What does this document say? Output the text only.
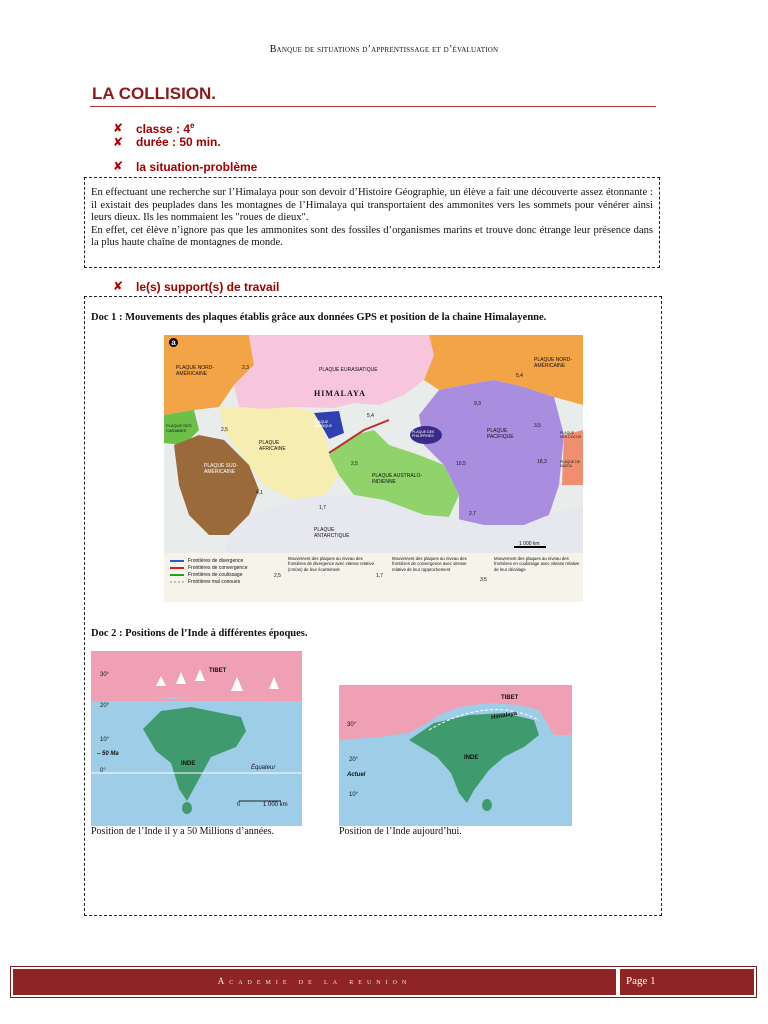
Banque de situations d’apprentissage et d’évaluation
LA COLLISION.
✘ classe : 4e
✘ durée : 50 min.
✘ la situation-problème
En effectuant une recherche sur l’Himalaya pour son devoir d’Histoire Géographie, un élève a fait une découverte assez étonnante : il existait des peuplades dans les montagnes de l’Himalaya qui transportaient des ammonites vers les sommets pour vénérer ainsi leurs dieux. Ils les nommaient les "roues de dieux".
En effet, cet élève n’ignore pas que les ammonites sont des fossiles d’organismes marins et trouve donc étrange leur présence dans la plus haute chaîne de montagnes de monde.
✘ le(s) support(s) de travail
Doc 1 : Mouvements des plaques établis grâce aux données GPS et position de la chaine Himalayenne.
a
HIMALAYA
PLAQUE EURASIATIQUE
PLAQUE NORD-AMÉRICAINE
PLAQUE NORD-AMÉRICAINE
PLAQUE DES CARAÏBES
PLAQUE AFRICAINE
PLAQUE SUD-AMÉRICAINE
PLAQUE ARABIQUE
PLAQUE AUSTRALO-INDIENNE
PLAQUE PACIFIQUE
PLAQUE DES PHILIPPINES
PLAQUE ANTARCTIQUE
PLAQUE DES COCOS
PLAQUE DE NAZCA
2,3
2,5
5,4
9,3
3,5
5,4
10,5	18,3
2,5
2,7
1,7
4,1
1 000 km
Frontières de divergence
Frontières de convergence
Frontières de coulissage
Frontières mal connues
2,5
Mouvement des plaques au niveau des frontières de divergence avec vitesse relative (cm/an) de leur écartement
1,7
Mouvement des plaques au niveau des frontières de convergence avec vitesse relative de leur rapprochement
3,5
Mouvement des plaques au niveau des frontières en coulissage avec vitesse relative de leur décalage
Doc 2 : Positions de l’Inde à différentes époques.
TIBET
30°
20°
10°
– 50 Ma
0°
INDE
Équateur
0	1 000 km
TIBET
Himalaya
30°
20°
Actuel
10°
INDE
Position de l’Inde il y a 50 Millions d’années.	Position de l’Inde aujourd’hui.
Academie de la reunion	Page 1
